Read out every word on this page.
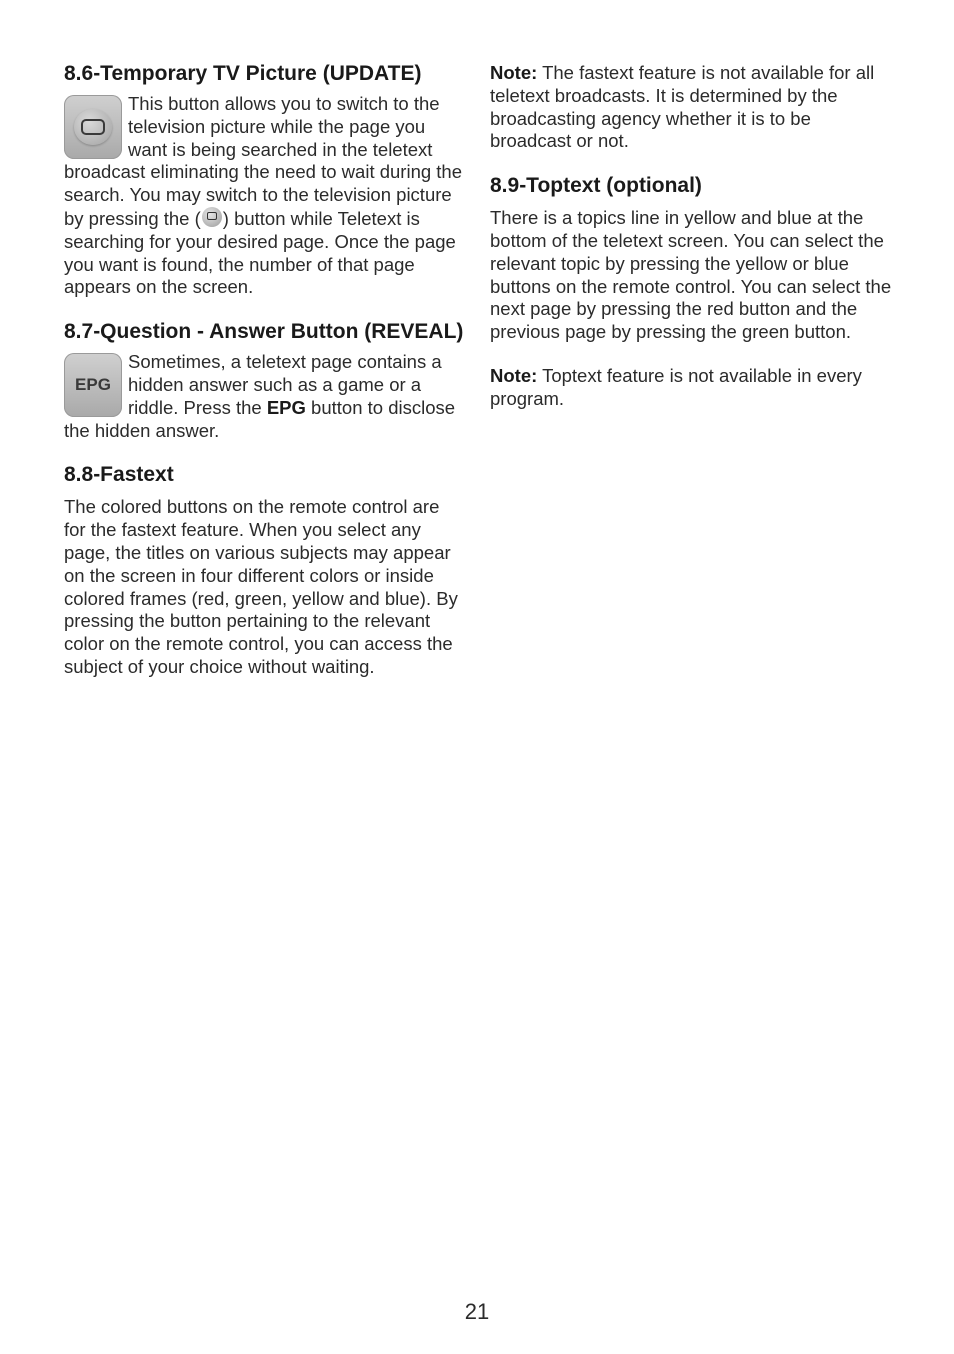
8.6-Temporary TV Picture (UPDATE)

This button allows you to switch to the television picture while the page you want is being searched in the teletext broadcast eliminating the need to wait during the search. You may switch to the television picture by pressing the ( ) button while Teletext is searching for your desired page. Once the page you want is found, the number of that page appears on the screen.

8.7-Question - Answer Button (REVEAL)
EPG

Sometimes, a teletext page contains a hidden answer such as a game or a riddle. Press the EPG button to disclose the hidden answer.

8.8-Fastext

The colored buttons on the remote control are for the fastext feature. When you select any page, the titles on various subjects may appear on the screen in four different colors or inside colored frames (red, green, yellow and blue). By pressing the button pertaining to the relevant color on the remote control, you can access the subject of your choice without waiting.

Note: The fastext feature is not available for all teletext broadcasts. It is determined by the broadcasting agency whether it is to be broadcast or not.

8.9-Toptext (optional)

There is a topics line in yellow and blue at the bottom of the teletext screen. You can select the relevant topic by pressing the yellow or blue buttons on the remote control. You can select the next page by pressing the red button and the previous page by pressing the green button.

Note: Toptext feature is not available in every program.

21
